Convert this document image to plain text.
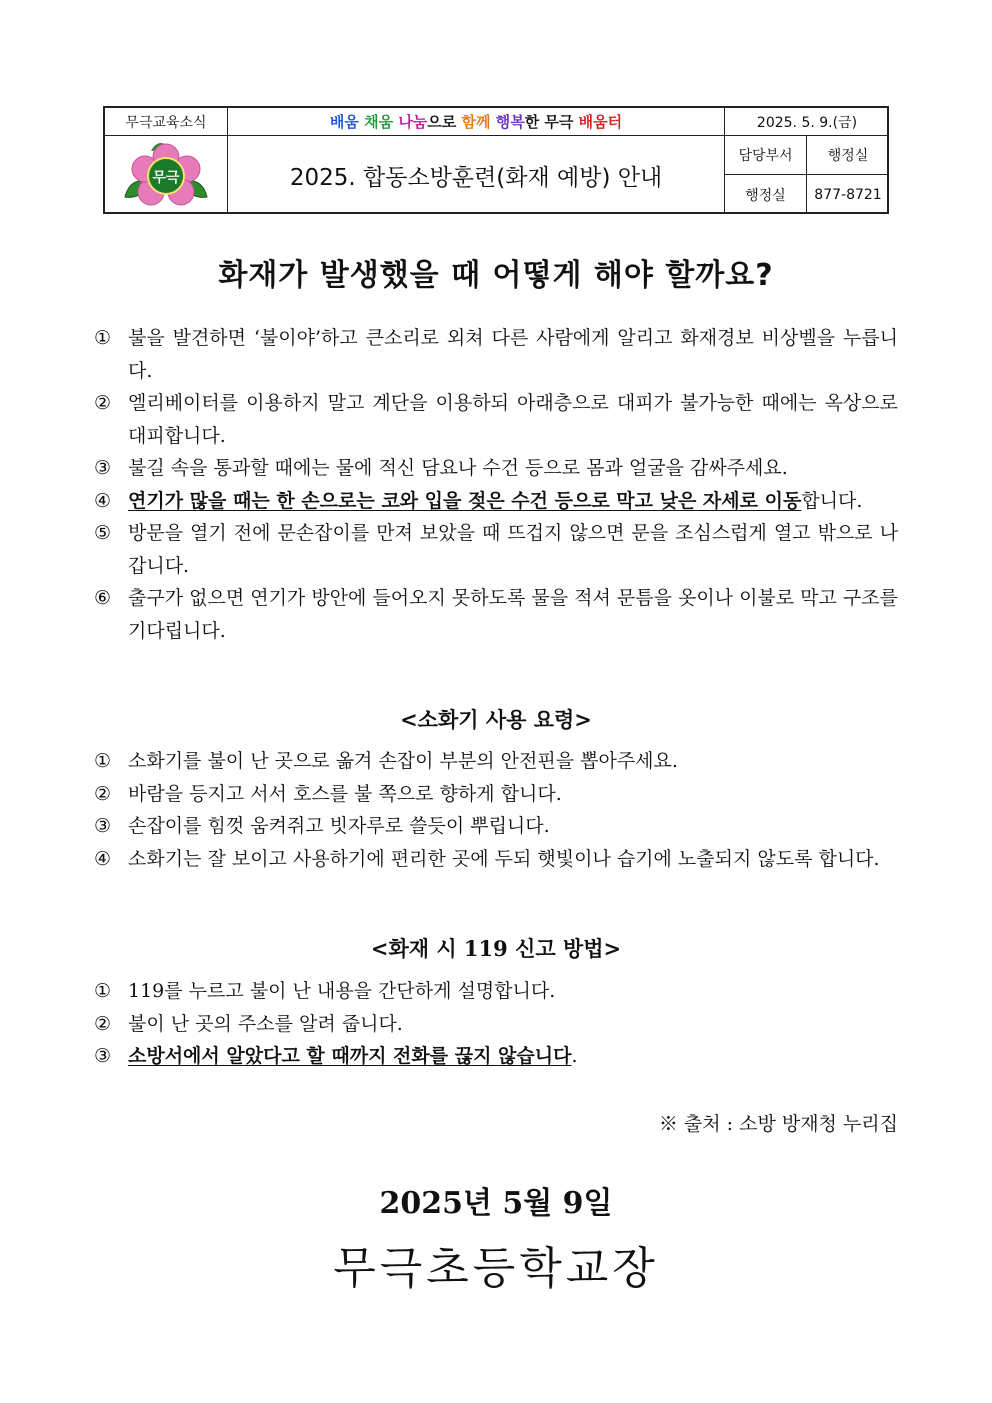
무극교육소식
무극
배움 채움 나눔으로 함께 행복한 무극 배움터
2025. 합동소방훈련(화재 예방) 안내
2025. 5. 9.(금)
담당부서	행정실
행정실	877-8721
화재가 발생했을 때 어떻게 해야 할까요?
① 불을 발견하면 ‘불이야’하고 큰소리로 외쳐 다른 사람에게 알리고 화재경보 비상벨을 누릅니다.
② 엘리베이터를 이용하지 말고 계단을 이용하되 아래층으로 대피가 불가능한 때에는 옥상으로 대피합니다.
③ 불길 속을 통과할 때에는 물에 적신 담요나 수건 등으로 몸과 얼굴을 감싸주세요.
④ 연기가 많을 때는 한 손으로는 코와 입을 젖은 수건 등으로 막고 낮은 자세로 이동합니다.
⑤ 방문을 열기 전에 문손잡이를 만져 보았을 때 뜨겁지 않으면 문을 조심스럽게 열고 밖으로 나갑니다.
⑥ 출구가 없으면 연기가 방안에 들어오지 못하도록 물을 적셔 문틈을 옷이나 이불로 막고 구조를 기다립니다.
<소화기 사용 요령>
① 소화기를 불이 난 곳으로 옮겨 손잡이 부분의 안전핀을 뽑아주세요.
② 바람을 등지고 서서 호스를 불 쪽으로 향하게 합니다.
③ 손잡이를 힘껏 움켜쥐고 빗자루로 쓸듯이 뿌립니다.
④ 소화기는 잘 보이고 사용하기에 편리한 곳에 두되 햇빛이나 습기에 노출되지 않도록 합니다.
<화재 시 119 신고 방법>
① 119를 누르고 불이 난 내용을 간단하게 설명합니다.
② 불이 난 곳의 주소를 알려 줍니다.
③ 소방서에서 알았다고 할 때까지 전화를 끊지 않습니다.
※ 출처 : 소방 방재청 누리집
2025년 5월 9일
무극초등학교장
